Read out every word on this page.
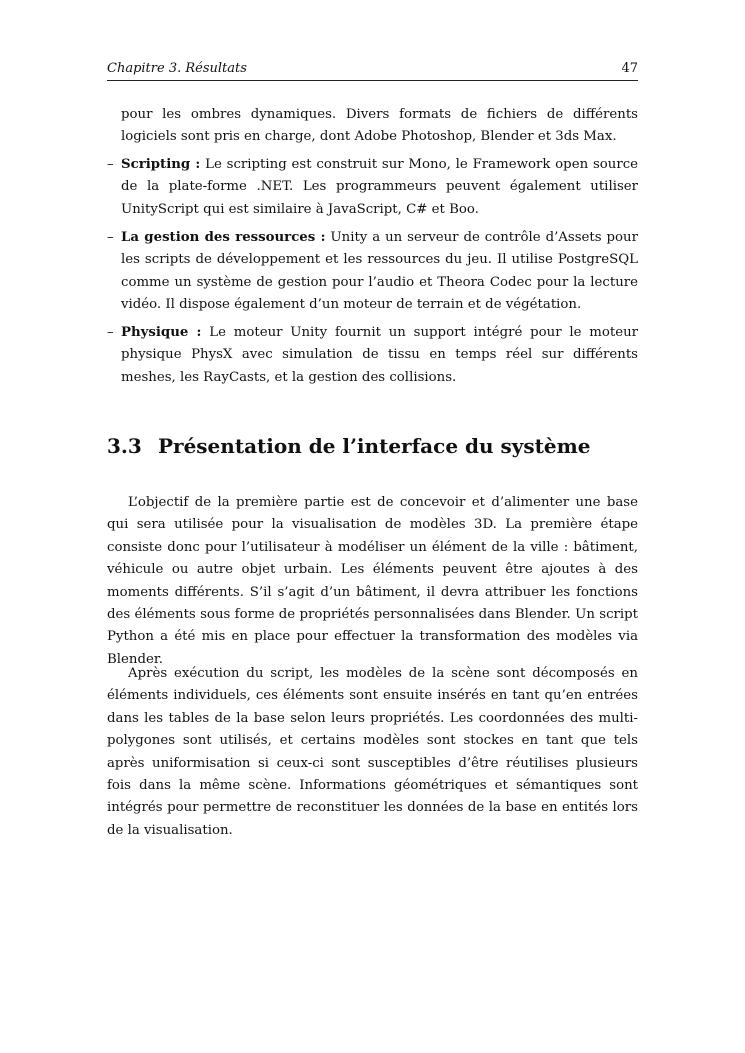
Chapitre 3. Résultats	47

pour les ombres dynamiques. Divers formats de fichiers de différents logiciels sont pris en charge, dont Adobe Photoshop, Blender et 3ds Max.

– Scripting : Le scripting est construit sur Mono, le Framework open source de la plate-forme .NET. Les programmeurs peuvent également utiliser UnityScript qui est similaire à JavaScript, C# et Boo.

– La gestion des ressources : Unity a un serveur de contrôle d’Assets pour les scripts de développement et les ressources du jeu. Il utilise PostgreSQL comme un système de gestion pour l’audio et Theora Codec pour la lecture vidéo. Il dispose également d’un moteur de terrain et de végétation.

– Physique : Le moteur Unity fournit un support intégré pour le moteur physique PhysX avec simulation de tissu en temps réel sur différents meshes, les RayCasts, et la gestion des collisions.

3.3 Présentation de l’interface du système

L’objectif de la première partie est de concevoir et d’alimenter une base qui sera utilisée pour la visualisation de modèles 3D. La première étape consiste donc pour l’utilisateur à modéliser un élément de la ville : bâtiment, véhicule ou autre objet urbain. Les éléments peuvent être ajoutes à des moments différents. S’il s’agit d’un bâtiment, il devra attribuer les fonctions des éléments sous forme de propriétés personnalisées dans Blender. Un script Python a été mis en place pour effectuer la transformation des modèles via Blender.

Après exécution du script, les modèles de la scène sont décomposés en éléments individuels, ces éléments sont ensuite insérés en tant qu’en entrées dans les tables de la base selon leurs propriétés. Les coordonnées des multi-polygones sont utilisés, et certains modèles sont stockes en tant que tels après uniformisation si ceux-ci sont susceptibles d’être réutilises plusieurs fois dans la même scène. Informations géométriques et sémantiques sont intégrés pour permettre de reconstituer les données de la base en entités lors de la visualisation.
